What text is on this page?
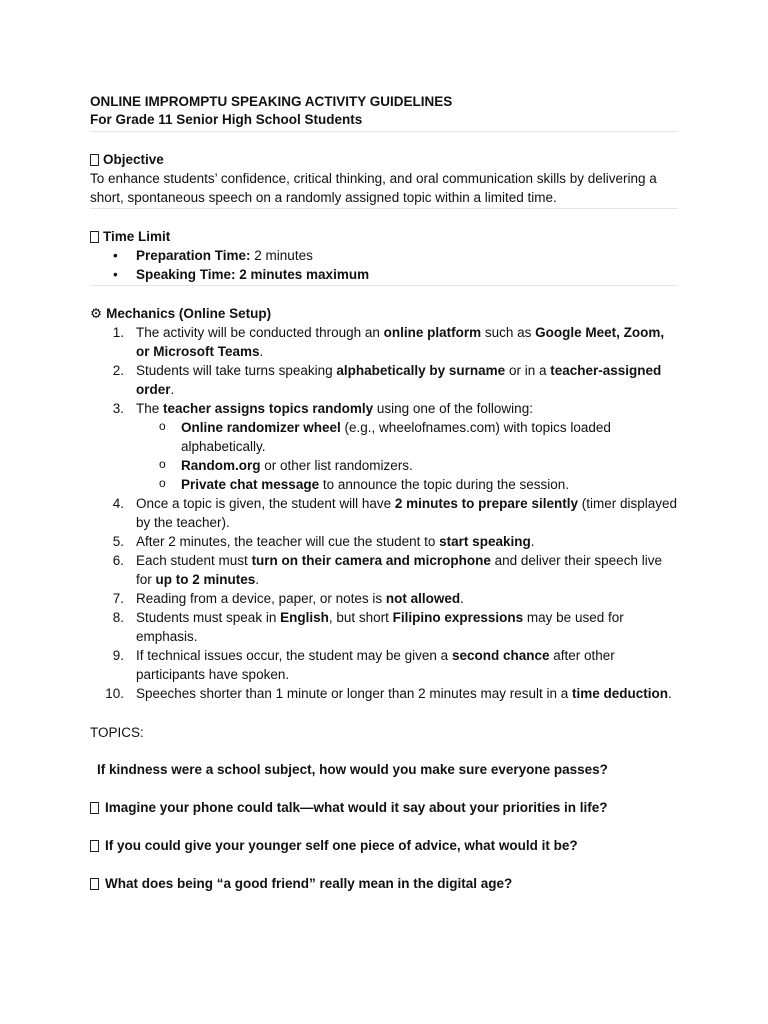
ONLINE IMPROMPTU SPEAKING ACTIVITY GUIDELINES
For Grade 11 Senior High School Students
Objective

To enhance students’ confidence, critical thinking, and oral communication skills by delivering a short, spontaneous speech on a randomly assigned topic within a limited time.

Time Limit
• Preparation Time: 2 minutes
• Speaking Time: 2 minutes maximum
⚙ Mechanics (Online Setup)
1. The activity will be conducted through an online platform such as Google Meet, Zoom, or Microsoft Teams.
2. Students will take turns speaking alphabetically by surname or in a teacher-assigned order.
3. The teacher assigns topics randomly using one of the following:
o Online randomizer wheel (e.g., wheelofnames.com) with topics loaded alphabetically.
o Random.org or other list randomizers.
o Private chat message to announce the topic during the session.
4. Once a topic is given, the student will have 2 minutes to prepare silently (timer displayed by the teacher).
5. After 2 minutes, the teacher will cue the student to start speaking.
6. Each student must turn on their camera and microphone and deliver their speech live for up to 2 minutes.
7. Reading from a device, paper, or notes is not allowed.
8. Students must speak in English, but short Filipino expressions may be used for emphasis.
9. If technical issues occur, the student may be given a second chance after other participants have spoken.
10. Speeches shorter than 1 minute or longer than 2 minutes may result in a time deduction.
TOPICS:
If kindness were a school subject, how would you make sure everyone passes?
Imagine your phone could talk—what would it say about your priorities in life?
If you could give your younger self one piece of advice, what would it be?
What does being “a good friend” really mean in the digital age?
